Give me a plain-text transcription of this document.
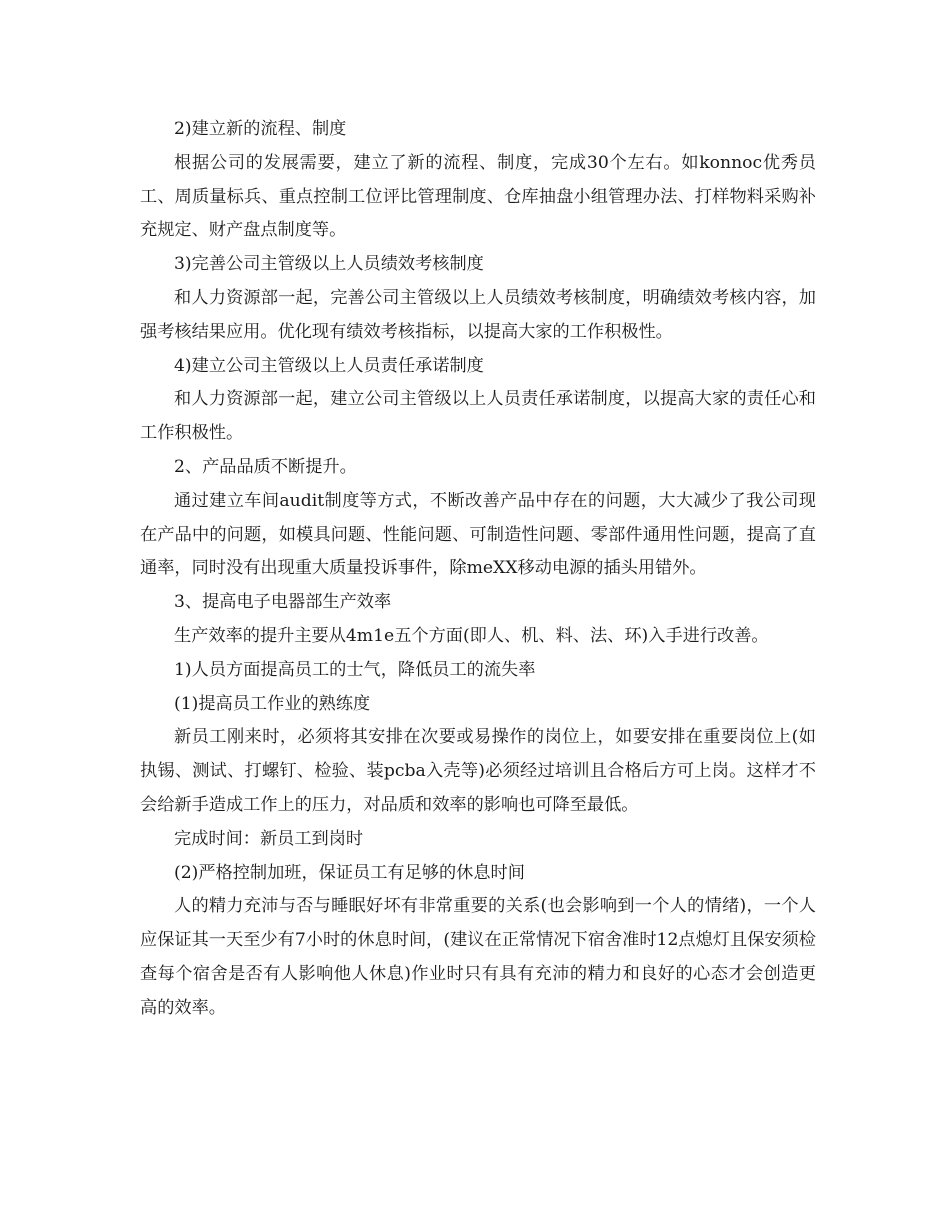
2)建立新的流程、制度

根据公司的发展需要，建立了新的流程、制度，完成30个左右。如konnoc优秀员工、周质量标兵、重点控制工位评比管理制度、仓库抽盘小组管理办法、打样物料采购补充规定、财产盘点制度等。

3)完善公司主管级以上人员绩效考核制度

和人力资源部一起，完善公司主管级以上人员绩效考核制度，明确绩效考核内容，加强考核结果应用。优化现有绩效考核指标，以提高大家的工作积极性。

4)建立公司主管级以上人员责任承诺制度

和人力资源部一起，建立公司主管级以上人员责任承诺制度，以提高大家的责任心和工作积极性。

2、产品品质不断提升。

通过建立车间audit制度等方式，不断改善产品中存在的问题，大大减少了我公司现在产品中的问题，如模具问题、性能问题、可制造性问题、零部件通用性问题，提高了直通率，同时没有出现重大质量投诉事件，除meXX移动电源的插头用错外。

3、提高电子电器部生产效率

生产效率的提升主要从4m1e五个方面(即人、机、料、法、环)入手进行改善。

1)人员方面提高员工的士气，降低员工的流失率

(1)提高员工作业的熟练度

新员工刚来时，必须将其安排在次要或易操作的岗位上，如要安排在重要岗位上(如执锡、测试、打螺钉、检验、装pcba入壳等)必须经过培训且合格后方可上岗。这样才不会给新手造成工作上的压力，对品质和效率的影响也可降至最低。

完成时间：新员工到岗时

(2)严格控制加班，保证员工有足够的休息时间

人的精力充沛与否与睡眠好坏有非常重要的关系(也会影响到一个人的情绪)，一个人应保证其一天至少有7小时的休息时间，(建议在正常情况下宿舍准时12点熄灯且保安须检查每个宿舍是否有人影响他人休息)作业时只有具有充沛的精力和良好的心态才会创造更高的效率。
